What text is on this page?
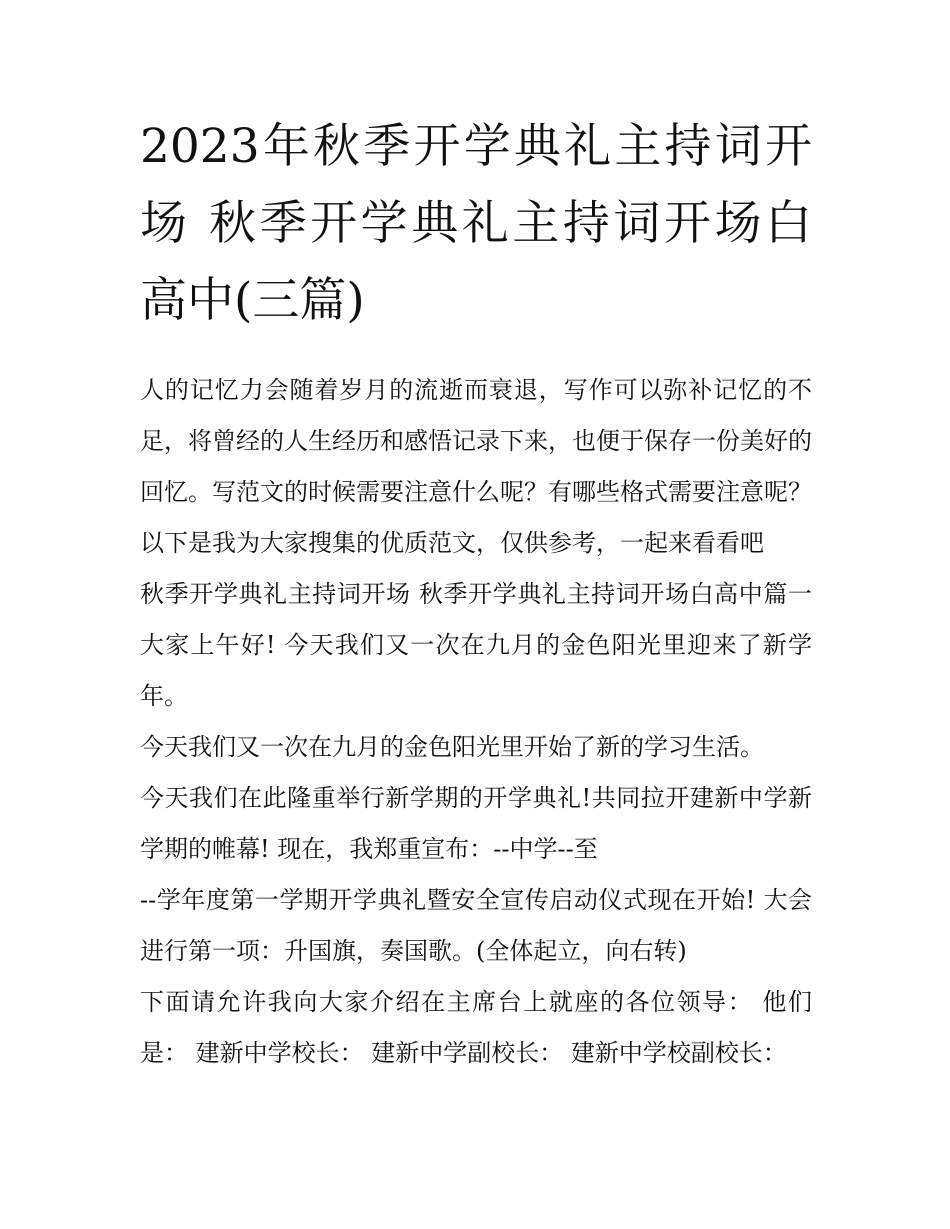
2023年秋季开学典礼主持词开场 秋季开学典礼主持词开场白高中(三篇)

人的记忆力会随着岁月的流逝而衰退，写作可以弥补记忆的不足，将曾经的人生经历和感悟记录下来，也便于保存一份美好的回忆。写范文的时候需要注意什么呢？有哪些格式需要注意呢？以下是我为大家搜集的优质范文，仅供参考，一起来看看吧

秋季开学典礼主持词开场 秋季开学典礼主持词开场白高中篇一 大家上午好! 今天我们又一次在九月的金色阳光里迎来了新学年。

今天我们又一次在九月的金色阳光里开始了新的学习生活。

今天我们在此隆重举行新学期的开学典礼!共同拉开建新中学新学期的帷幕! 现在，我郑重宣布：--中学--至

--学年度第一学期开学典礼暨安全宣传启动仪式现在开始! 大会进行第一项：升国旗，奏国歌。(全体起立，向右转)

下面请允许我向大家介绍在主席台上就座的各位领导： 他们是： 建新中学校长： 建新中学副校长： 建新中学校副校长：
